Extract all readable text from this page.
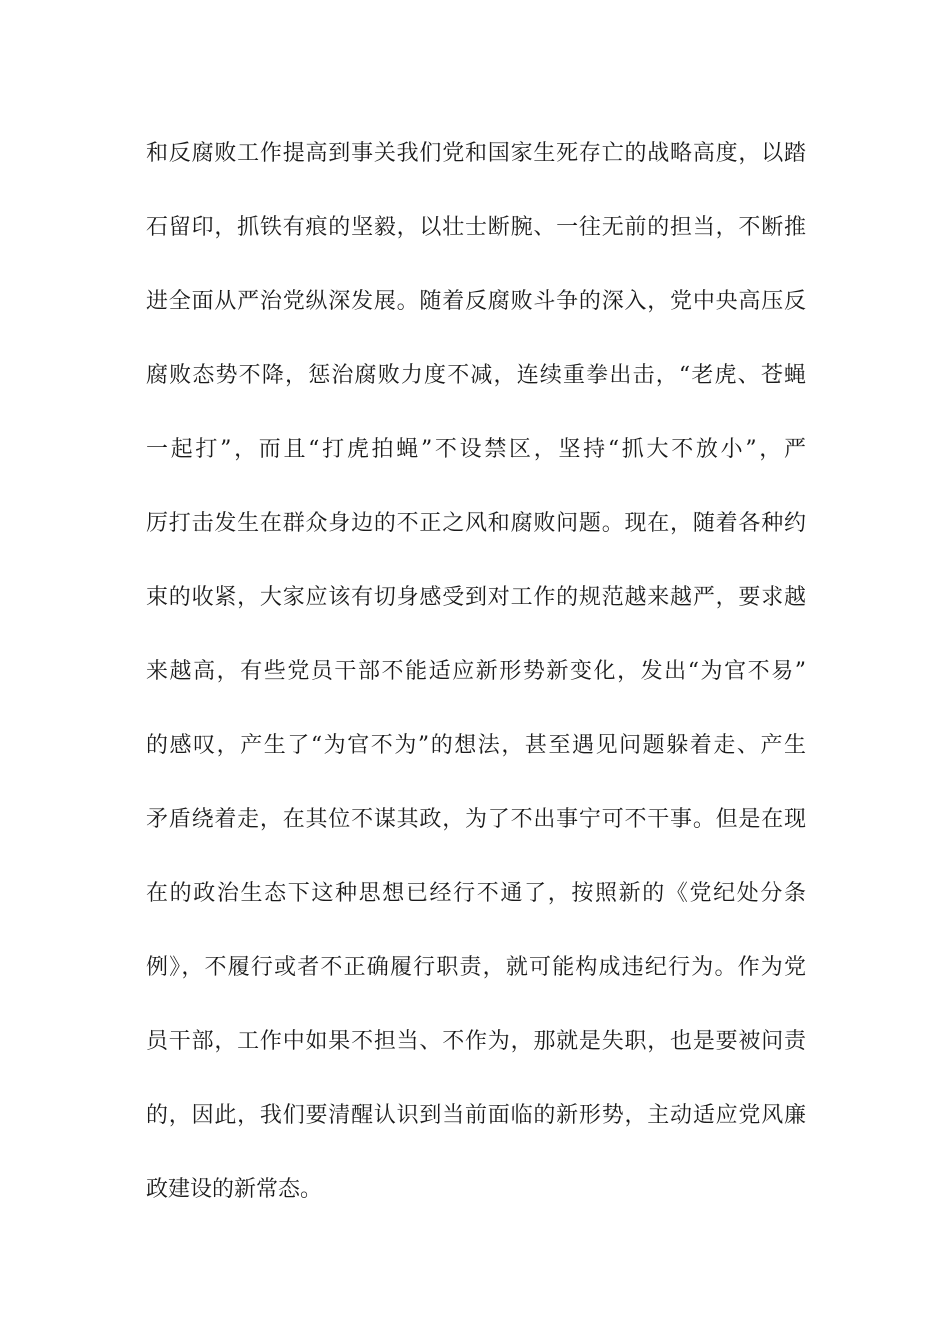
和反腐败工作提高到事关我们党和国家生死存亡的战略高度，以踏
石留印，抓铁有痕的坚毅，以壮士断腕、一往无前的担当，不断推
进全面从严治党纵深发展。随着反腐败斗争的深入，党中央高压反
腐败态势不降，惩治腐败力度不减，连续重拳出击，“老虎、苍蝇
一起打”，而且“打虎拍蝇”不设禁区，坚持“抓大不放小”，严
厉打击发生在群众身边的不正之风和腐败问题。现在，随着各种约
束的收紧，大家应该有切身感受到对工作的规范越来越严，要求越
来越高，有些党员干部不能适应新形势新变化，发出“为官不易”
的感叹，产生了“为官不为”的想法，甚至遇见问题躲着走、产生
矛盾绕着走，在其位不谋其政，为了不出事宁可不干事。但是在现
在的政治生态下这种思想已经行不通了，按照新的《党纪处分条
例》，不履行或者不正确履行职责，就可能构成违纪行为。作为党
员干部，工作中如果不担当、不作为，那就是失职，也是要被问责
的，因此，我们要清醒认识到当前面临的新形势，主动适应党风廉
政建设的新常态。
